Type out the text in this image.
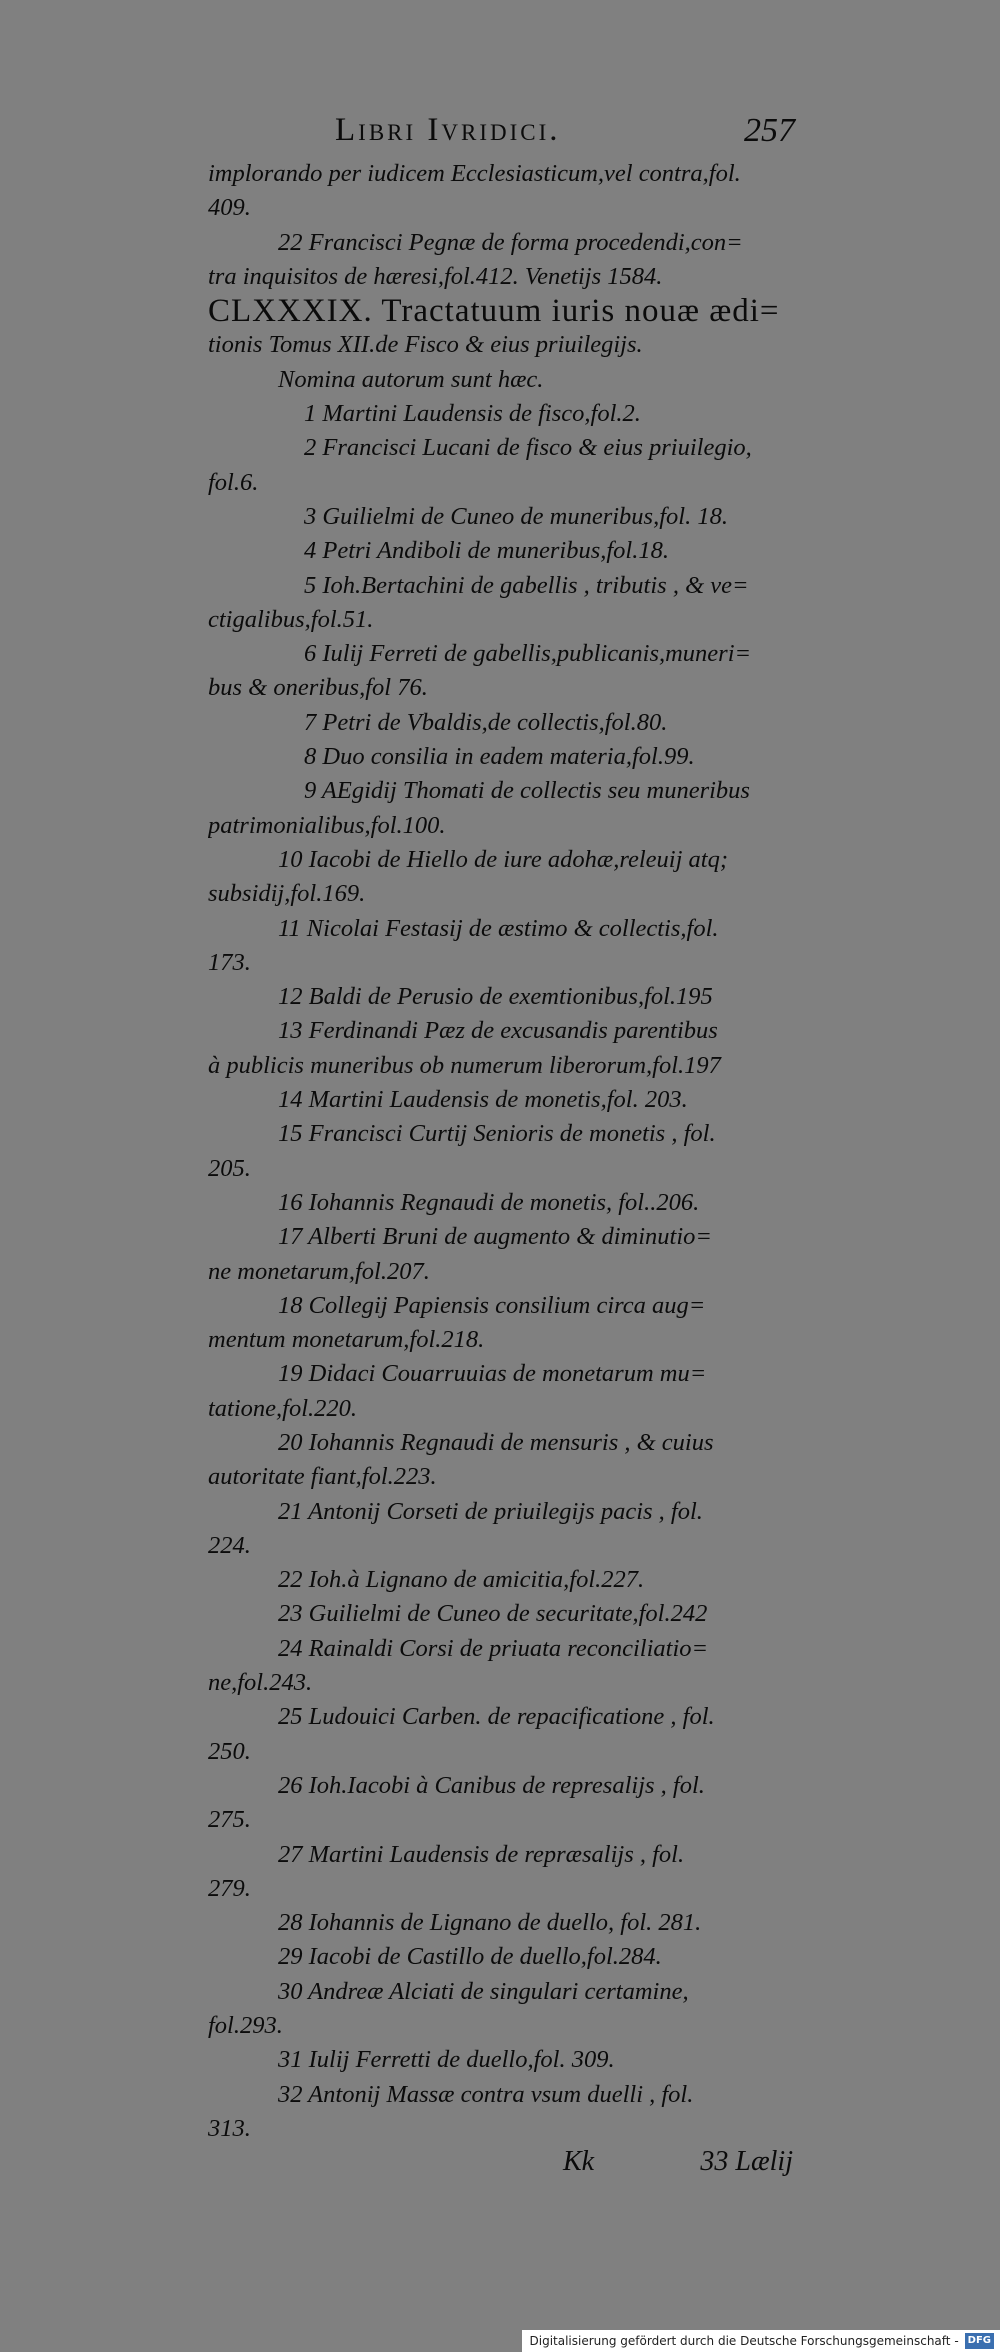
Libri Ivridici.	257
implorando per iudicem Ecclesiasticum,vel contra,fol.
409.
22 Francisci Pegnæ de forma procedendi,con=
tra inquisitos de hæresi,fol.412. Venetijs 1584.
CLXXXIX. Tractatuum iuris nouæ ædi=
tionis Tomus XII.de Fisco & eius priuilegijs.
Nomina autorum sunt hæc.
1 Martini Laudensis de fisco,fol.2.
2 Francisci Lucani de fisco & eius priuilegio,
fol.6.
3 Guilielmi de Cuneo de muneribus,fol. 18.
4 Petri Andiboli de muneribus,fol.18.
5 Ioh.Bertachini de gabellis , tributis , & ve=
ctigalibus,fol.51.
6 Iulij Ferreti de gabellis,publicanis,muneri=
bus & oneribus,fol 76.
7 Petri de Vbaldis,de collectis,fol.80.
8 Duo consilia in eadem materia,fol.99.
9 AEgidij Thomati de collectis seu muneribus
patrimonialibus,fol.100.
10 Iacobi de Hiello de iure adohæ,releuij atq;
subsidij,fol.169.
11 Nicolai Festasij de æstimo & collectis,fol.
173.
12 Baldi de Perusio de exemtionibus,fol.195
13 Ferdinandi Pæz de excusandis parentibus
à publicis muneribus ob numerum liberorum,fol.197
14 Martini Laudensis de monetis,fol. 203.
15 Francisci Curtij Senioris de monetis , fol.
205.
16 Iohannis Regnaudi de monetis, fol..206.
17 Alberti Bruni de augmento & diminutio=
ne monetarum,fol.207.
18 Collegij Papiensis consilium circa aug=
mentum monetarum,fol.218.
19 Didaci Couarruuias de monetarum mu=
tatione,fol.220.
20 Iohannis Regnaudi de mensuris , & cuius
autoritate fiant,fol.223.
21 Antonij Corseti de priuilegijs pacis , fol.
224.
22 Ioh.à Lignano de amicitia,fol.227.
23 Guilielmi de Cuneo de securitate,fol.242
24 Rainaldi Corsi de priuata reconciliatio=
ne,fol.243.
25 Ludouici Carben. de repacificatione , fol.
250.
26 Ioh.Iacobi à Canibus de represalijs , fol.
275.
27 Martini Laudensis de repræsalijs , fol.
279.
28 Iohannis de Lignano de duello, fol. 281.
29 Iacobi de Castillo de duello,fol.284.
30 Andreæ Alciati de singulari certamine,
fol.293.
31 Iulij Ferretti de duello,fol. 309.
32 Antonij Massæ contra vsum duelli , fol.
313.
Kk	33 Lælij
Digitalisierung gefördert durch die Deutsche Forschungsgemeinschaft - DFG
